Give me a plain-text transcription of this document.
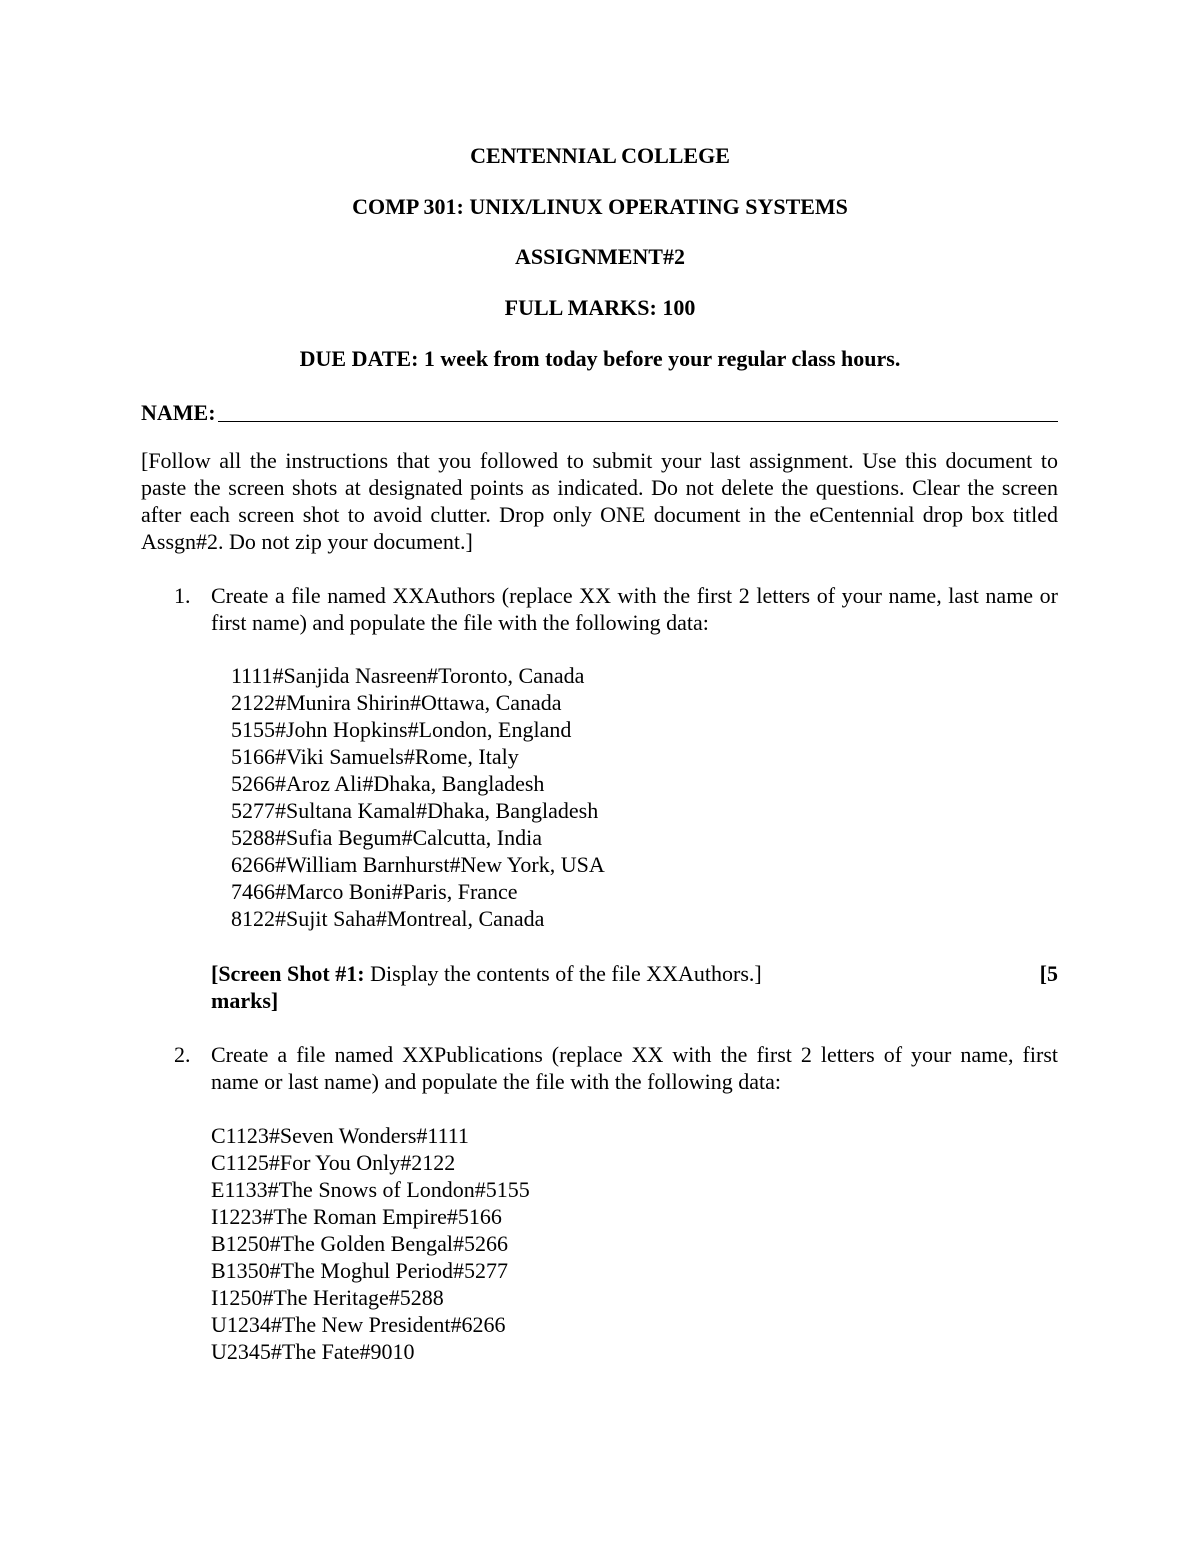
CENTENNIAL COLLEGE
COMP 301: UNIX/LINUX OPERATING SYSTEMS
ASSIGNMENT#2
FULL MARKS: 100
DUE DATE: 1 week from today before your regular class hours.
NAME:
[Follow all the instructions that you followed to submit your last assignment. Use this document to paste the screen shots at designated points as indicated. Do not delete the questions. Clear the screen after each screen shot to avoid clutter. Drop only ONE document in the eCentennial drop box titled Assgn#2. Do not zip your document.]
1. Create a file named XXAuthors (replace XX with the first 2 letters of your name, last name or first name) and populate the file with the following data:
1111#Sanjida Nasreen#Toronto, Canada
2122#Munira Shirin#Ottawa, Canada
5155#John Hopkins#London, England
5166#Viki Samuels#Rome, Italy
5266#Aroz Ali#Dhaka, Bangladesh
5277#Sultana Kamal#Dhaka, Bangladesh
5288#Sufia Begum#Calcutta, India
6266#William Barnhurst#New York, USA
7466#Marco Boni#Paris, France
8122#Sujit Saha#Montreal, Canada
[Screen Shot #1: Display the contents of the file XXAuthors.]	[5
marks]
2. Create a file named XXPublications (replace XX with the first 2 letters of your name, first name or last name) and populate the file with the following data:
C1123#Seven Wonders#1111
C1125#For You Only#2122
E1133#The Snows of London#5155
I1223#The Roman Empire#5166
B1250#The Golden Bengal#5266
B1350#The Moghul Period#5277
I1250#The Heritage#5288
U1234#The New President#6266
U2345#The Fate#9010
